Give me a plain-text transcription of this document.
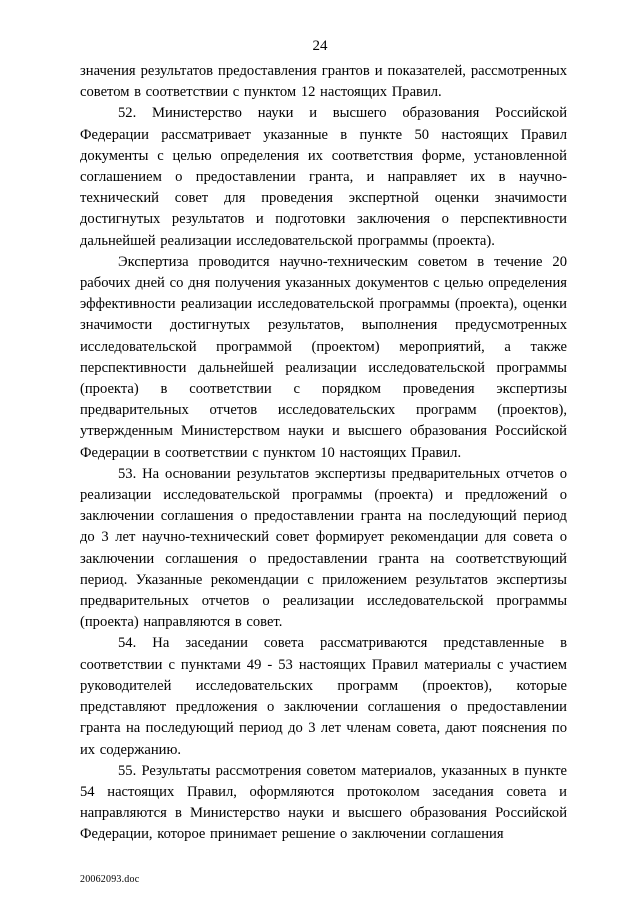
24

значения результатов предоставления грантов и показателей, рассмотренных советом в соответствии с пунктом 12 настоящих Правил.

52. Министерство науки и высшего образования Российской Федерации рассматривает указанные в пункте 50 настоящих Правил документы с целью определения их соответствия форме, установленной соглашением о предоставлении гранта, и направляет их в научно-технический совет для проведения экспертной оценки значимости достигнутых результатов и подготовки заключения о перспективности дальнейшей реализации исследовательской программы (проекта).

Экспертиза проводится научно-техническим советом в течение 20 рабочих дней со дня получения указанных документов с целью определения эффективности реализации исследовательской программы (проекта), оценки значимости достигнутых результатов, выполнения предусмотренных исследовательской программой (проектом) мероприятий, а также перспективности дальнейшей реализации исследовательской программы (проекта) в соответствии с порядком проведения экспертизы предварительных отчетов исследовательских программ (проектов), утвержденным Министерством науки и высшего образования Российской Федерации в соответствии с пунктом 10 настоящих Правил.

53. На основании результатов экспертизы предварительных отчетов о реализации исследовательской программы (проекта) и предложений о заключении соглашения о предоставлении гранта на последующий период до 3 лет научно-технический совет формирует рекомендации для совета о заключении соглашения о предоставлении гранта на соответствующий период. Указанные рекомендации с приложением результатов экспертизы предварительных отчетов о реализации исследовательской программы (проекта) направляются в совет.

54. На заседании совета рассматриваются представленные в соответствии с пунктами 49 - 53 настоящих Правил материалы с участием руководителей исследовательских программ (проектов), которые представляют предложения о заключении соглашения о предоставлении гранта на последующий период до 3 лет членам совета, дают пояснения по их содержанию.

55. Результаты рассмотрения советом материалов, указанных в пункте 54 настоящих Правил, оформляются протоколом заседания совета и направляются в Министерство науки и высшего образования Российской Федерации, которое принимает решение о заключении соглашения

20062093.doc
